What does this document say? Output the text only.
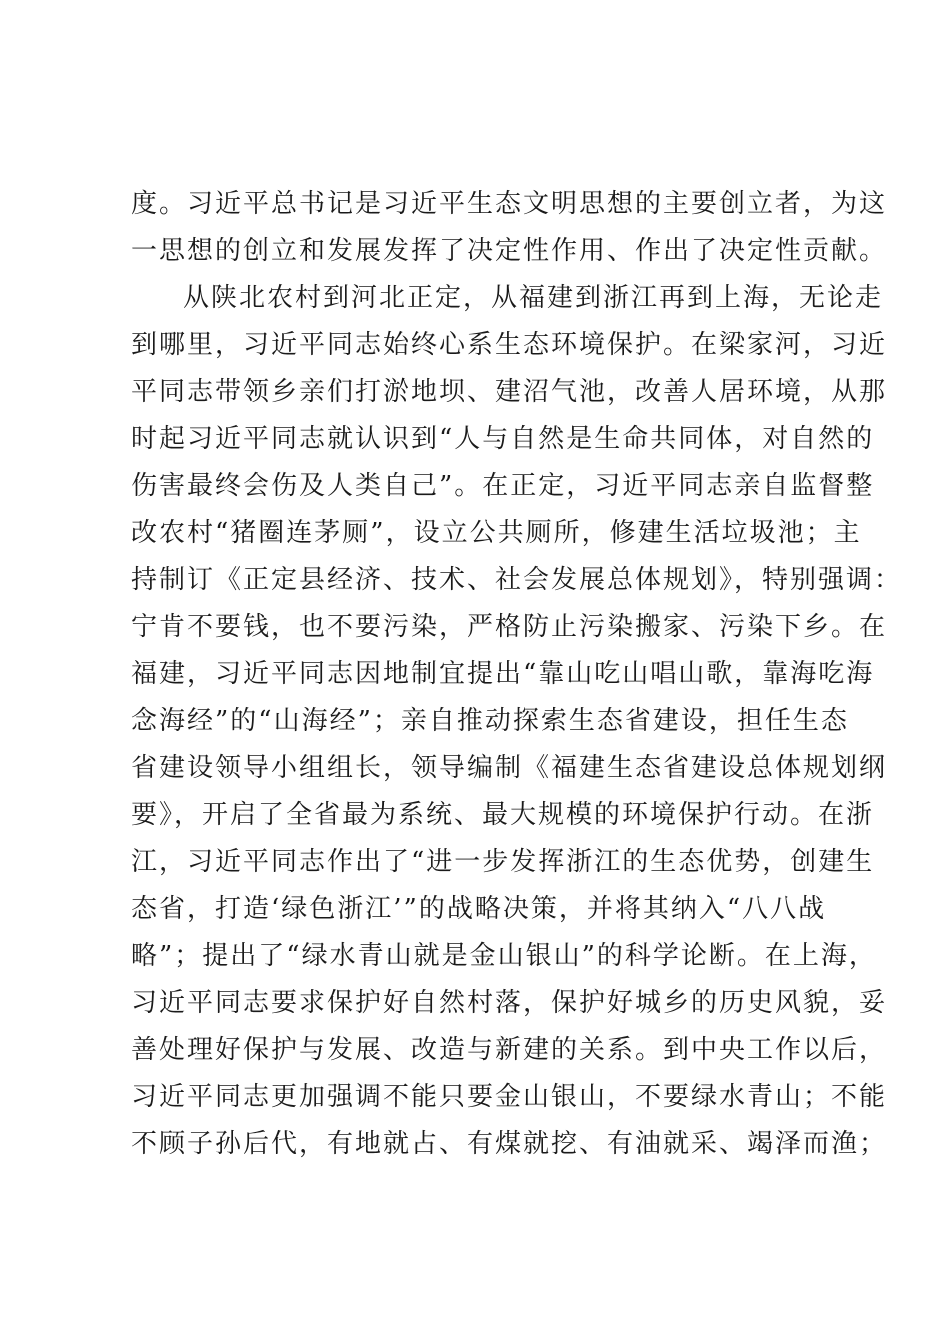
度。习近平总书记是习近平生态文明思想的主要创立者，为这
一思想的创立和发展发挥了决定性作用、作出了决定性贡献。
从陕北农村到河北正定，从福建到浙江再到上海，无论走
到哪里，习近平同志始终心系生态环境保护。在梁家河，习近
平同志带领乡亲们打淤地坝、建沼气池，改善人居环境，从那
时起习近平同志就认识到“人与自然是生命共同体，对自然的
伤害最终会伤及人类自己”。在正定，习近平同志亲自监督整
改农村“猪圈连茅厕”，设立公共厕所，修建生活垃圾池；主
持制订《正定县经济、技术、社会发展总体规划》，特别强调：
宁肯不要钱，也不要污染，严格防止污染搬家、污染下乡。在
福建，习近平同志因地制宜提出“靠山吃山唱山歌，靠海吃海
念海经”的“山海经”；亲自推动探索生态省建设，担任生态
省建设领导小组组长，领导编制《福建生态省建设总体规划纲
要》，开启了全省最为系统、最大规模的环境保护行动。在浙
江，习近平同志作出了“进一步发挥浙江的生态优势，创建生
态省，打造‘绿色浙江’”的战略决策，并将其纳入“八八战
略”；提出了“绿水青山就是金山银山”的科学论断。在上海，
习近平同志要求保护好自然村落，保护好城乡的历史风貌，妥
善处理好保护与发展、改造与新建的关系。到中央工作以后，
习近平同志更加强调不能只要金山银山，不要绿水青山；不能
不顾子孙后代，有地就占、有煤就挖、有油就采、竭泽而渔；
